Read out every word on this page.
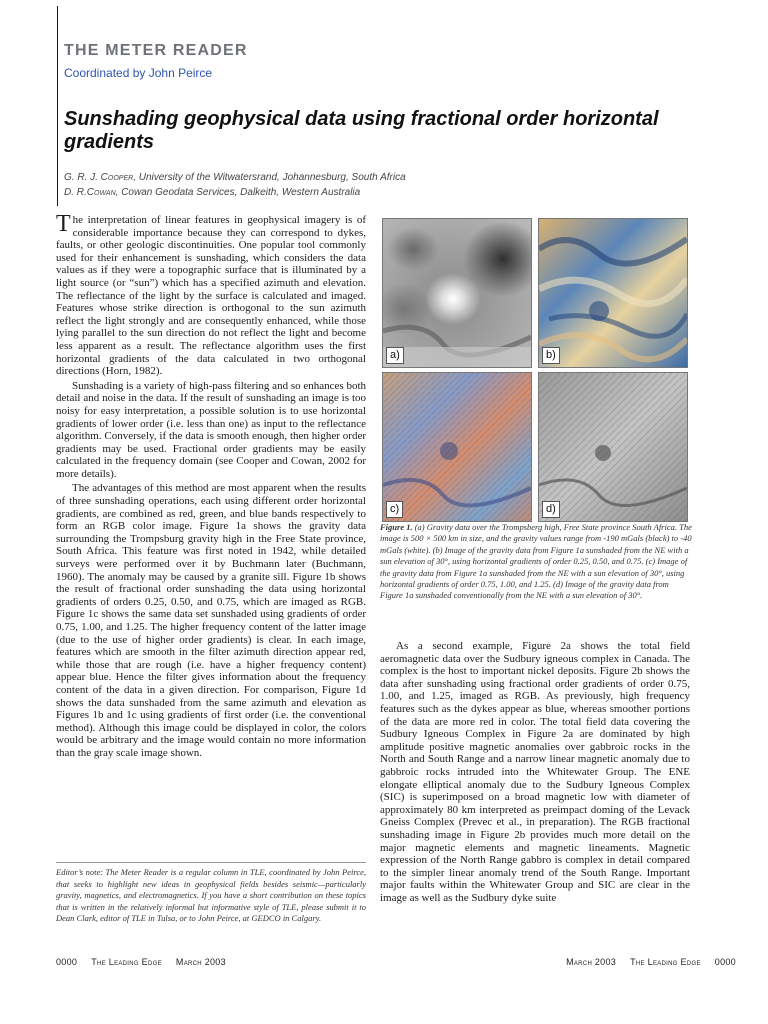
THE METER READER
Coordinated by John Peirce
Sunshading geophysical data using fractional order horizontal gradients
G. R. J. Cooper, University of the Witwatersrand, Johannesburg, South Africa
D. R.Cowan, Cowan Geodata Services, Dalkeith, Western Australia

The interpretation of linear features in geophysical imagery is of considerable importance because they can correspond to dykes, faults, or other geologic discontinuities. One popular tool commonly used for their enhancement is sunshading, which considers the data values as if they were a topographic surface that is illuminated by a light source (or “sun”) which has a specified azimuth and elevation. The reflectance of the light by the surface is calculated and imaged. Features whose strike direction is orthogonal to the sun azimuth reflect the light strongly and are consequently enhanced, while those lying parallel to the sun direction do not reflect the light and become less apparent as a result. The reflectance algorithm uses the first horizontal gradients of the data calculated in two orthogonal directions (Horn, 1982).

Sunshading is a variety of high-pass filtering and so enhances both detail and noise in the data. If the result of sunshading an image is too noisy for easy interpretation, a possible solution is to use horizontal gradients of lower order (i.e. less than one) as input to the reflectance algorithm. Conversely, if the data is smooth enough, then higher order gradients may be used. Fractional order gradients may be easily calculated in the frequency domain (see Cooper and Cowan, 2002 for more details).

The advantages of this method are most apparent when the results of three sunshading operations, each using different order horizontal gradients, are combined as red, green, and blue bands respectively to form an RGB color image. Figure 1a shows the gravity data surrounding the Trompsburg gravity high in the Free State province, South Africa. This feature was first noted in 1942, while detailed surveys were performed over it by Buchmann later (Buchmann, 1960). The anomaly may be caused by a granite sill. Figure 1b shows the result of fractional order sunshading the data using horizontal gradients of orders 0.25, 0.50, and 0.75, which are imaged as RGB. Figure 1c shows the same data set sunshaded using gradients of order 0.75, 1.00, and 1.25. The higher frequency content of the latter image (due to the use of higher order gradients) is clear. In each image, features which are smooth in the filter azimuth direction appear red, while those that are rough (i.e. have a higher frequency content) appear blue. Hence the filter gives information about the frequency content of the data in a given direction. For comparison, Figure 1d shows the data sunshaded from the same azimuth and elevation as Figures 1b and 1c using gradients of first order (i.e. the conventional method). Although this image could be displayed in color, the colors would be arbitrary and the image would contain no more information than the gray scale image shown.

Editor’s note: The Meter Reader is a regular column in TLE, coordinated by John Peirce, that seeks to highlight new ideas in geophysical fields besides seismic—particularly gravity, magnetics, and electromagnetics. If you have a short contribution on these topics that is written in the relatively informal but informative style of TLE, please submit it to Dean Clark, editor of TLE in Tulsa, or to John Peirce, at GEDCO in Calgary.
a)	b)
c)	d)
Figure 1. (a) Gravity data over the Trompsberg high, Free State province South Africa. The image is 500 × 500 km in size, and the gravity values range from -190 mGals (black) to -40 mGals (white). (b) Image of the gravity data from Figure 1a sunshaded from the NE with a sun elevation of 30°, using horizontal gradients of order 0.25, 0.50, and 0.75. (c) Image of the gravity data from Figure 1a sunshaded from the NE with a sun elevation of 30°, using horizontal gradients of order 0.75, 1.00, and 1.25. (d) Image of the gravity data from Figure 1a sunshaded conventionally from the NE with a sun elevation of 30°.

As a second example, Figure 2a shows the total field aeromagnetic data over the Sudbury igneous complex in Canada. The complex is the host to important nickel deposits. Figure 2b shows the data after sunshading using fractional order gradients of order 0.75, 1.00, and 1.25, imaged as RGB. As previously, high frequency features such as the dykes appear as blue, whereas smoother portions of the data are more red in color. The total field data covering the Sudbury Igneous Complex in Figure 2a are dominated by high amplitude positive magnetic anomalies over gabbroic rocks in the North and South Range and a narrow linear magnetic anomaly due to gabbroic rocks intruded into the Whitewater Group. The ENE elongate elliptical anomaly due to the Sudbury Igneous Complex (SIC) is superimposed on a broad magnetic low with diameter of approximately 80 km interpreted as preimpact doming of the Levack Gneiss Complex (Prevec et al., in preparation). The RGB fractional sunshading image in Figure 2b provides much more detail on the major magnetic elements and magnetic lineaments. Magnetic expression of the North Range gabbro is complex in detail compared to the simpler linear anomaly trend of the South Range. Important major faults within the Whitewater Group and SIC are clear in the image as well as the Sudbury dyke suite

0000 The Leading Edge March 2003	March 2003 The Leading Edge 0000
